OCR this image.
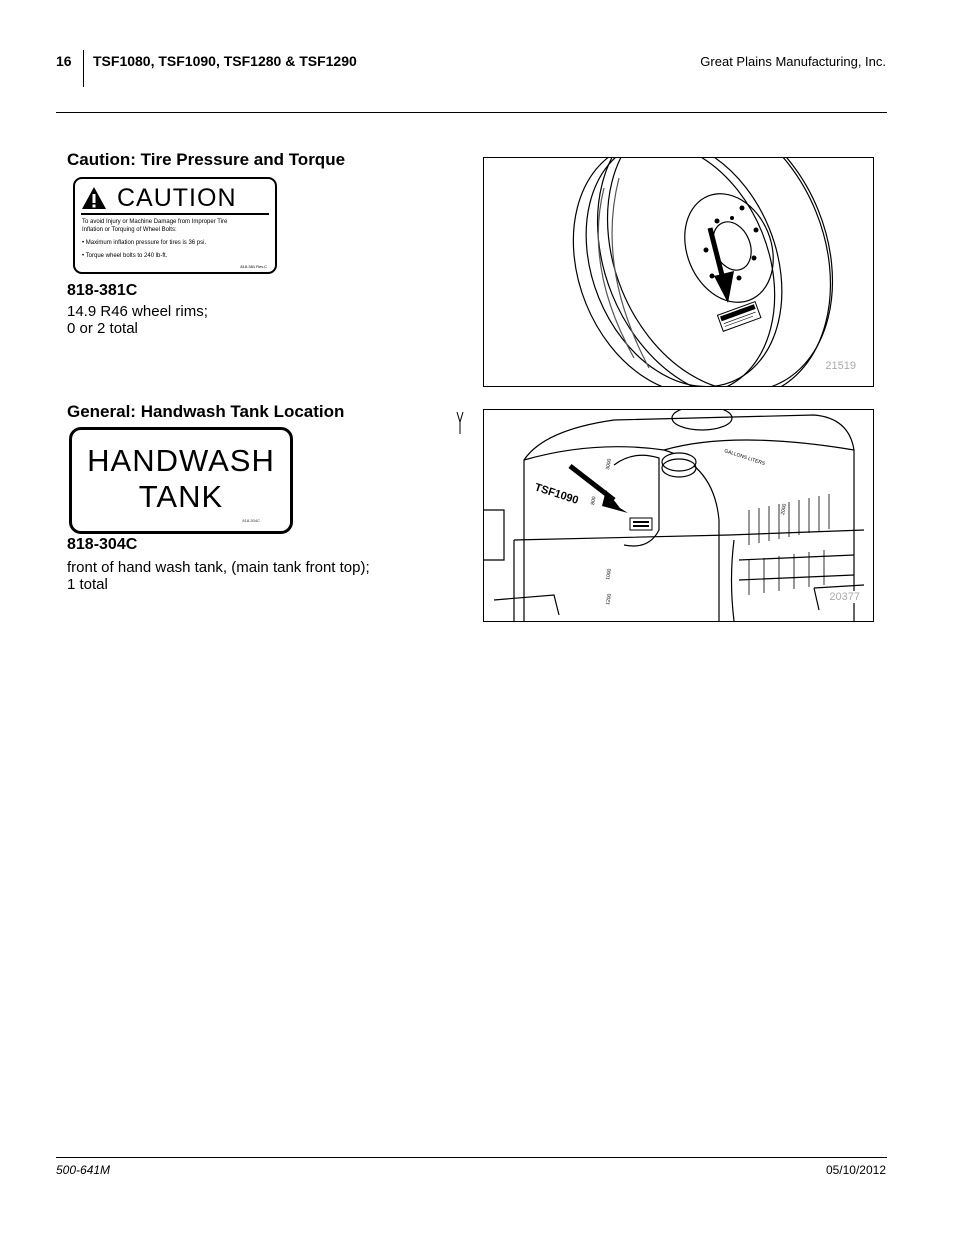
16 TSF1080, TSF1090, TSF1280 & TSF1290	Great Plains Manufacturing, Inc.
Caution: Tire Pressure and Torque
CAUTION
To avoid Injury or Machine Damage from Improper Tire
Inflation or Torquing of Wheel Bolts:
• Maximum inflation pressure for tires is 36 psi.
• Torque wheel bolts to 240 lb-ft.
818-381 Rev.C
818-381C
14.9 R46 wheel rims;
0 or 2 total
21519
General: Handwash Tank Location
HANDWASH
TANK
818-304C
818-304C
front of hand wash tank, (main tank front top);
1 total
TSF1090
GALLONS LITERS
800
3000
1000
1200
2000
20377
500-641M	05/10/2012
